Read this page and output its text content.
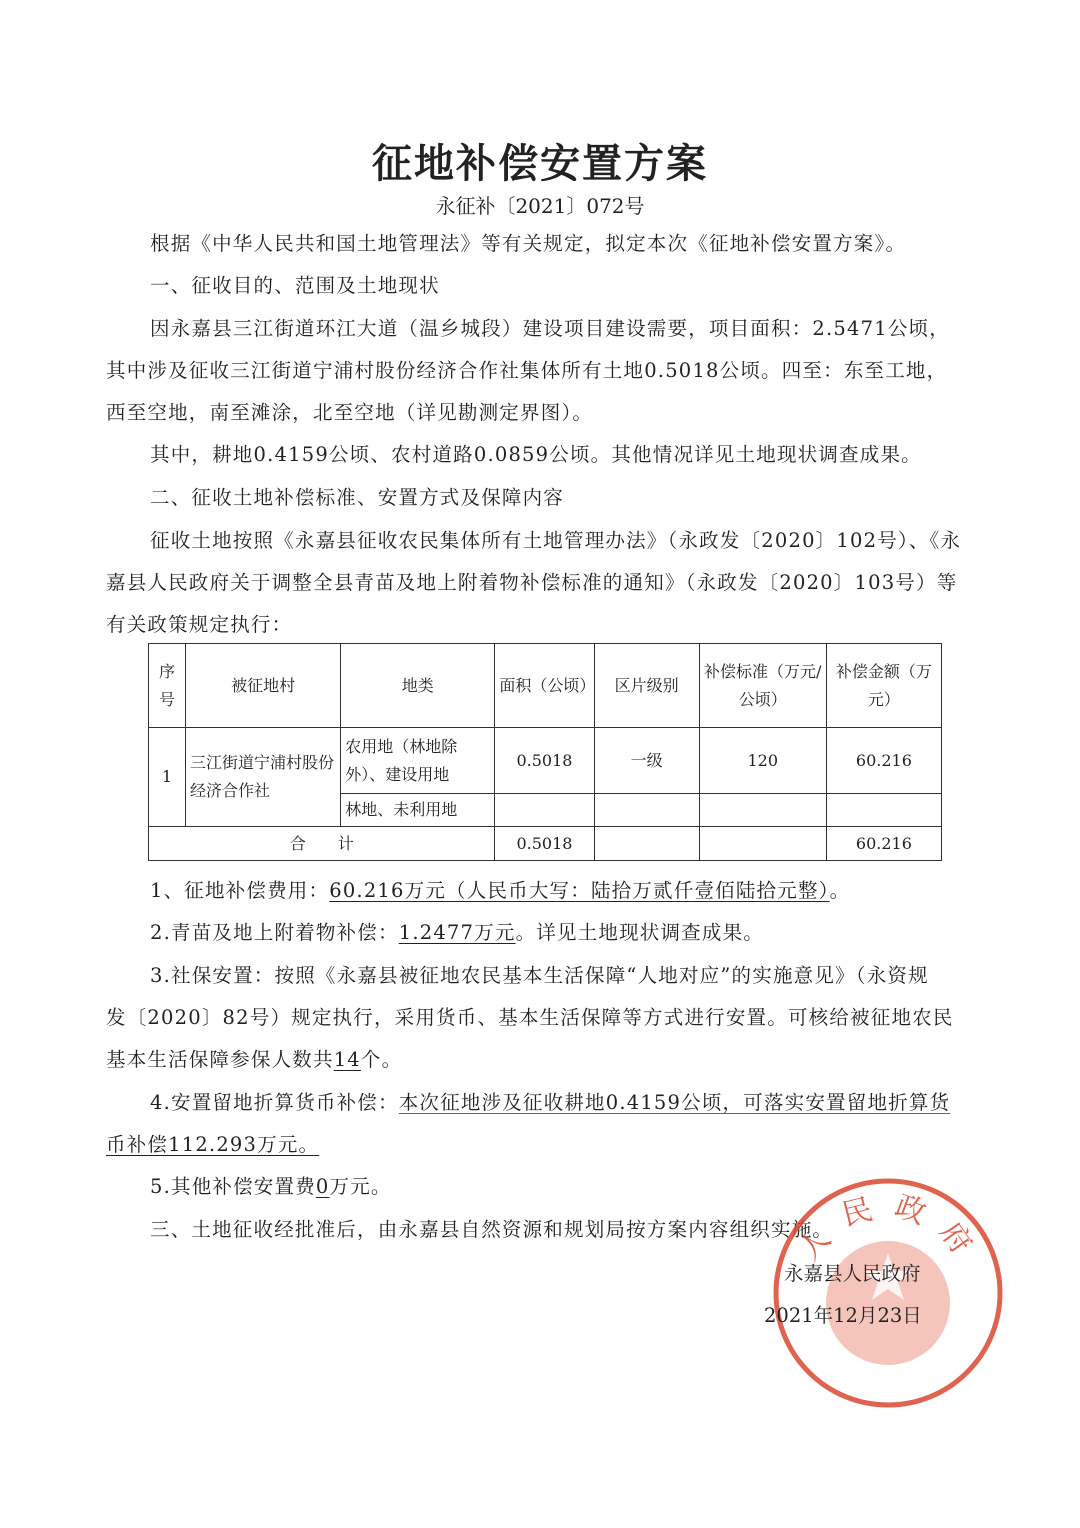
征地补偿安置方案
永征补〔2021〕072号
根据《中华人民共和国土地管理法》等有关规定，拟定本次《征地补偿安置方案》。
一、征收目的、范围及土地现状
因永嘉县三江街道环江大道（温乡城段）建设项目建设需要，项目面积：2.5471公顷，
其中涉及征收三江街道宁浦村股份经济合作社集体所有土地0.5018公顷。四至：东至工地，
西至空地，南至滩涂，北至空地（详见勘测定界图）。
其中，耕地0.4159公顷、农村道路0.0859公顷。其他情况详见土地现状调查成果。
二、征收土地补偿标准、安置方式及保障内容
征收土地按照《永嘉县征收农民集体所有土地管理办法》（永政发〔2020〕102号）、《永
嘉县人民政府关于调整全县青苗及地上附着物补偿标准的通知》（永政发〔2020〕103号）等
有关政策规定执行：
序号	被征地村	地类	面积（公顷）	区片级别	补偿标准（万元/公顷）	补偿金额（万元）
1	三江街道宁浦村股份经济合作社	农用地（林地除外）、建设用地	0.5018	一级	120	60.216
		林地、未利用地				
合　　计			0.5018			60.216
1、征地补偿费用：60.216万元（人民币大写：陆拾万贰仟壹佰陆拾元整）。
2.青苗及地上附着物补偿：1.2477万元。详见土地现状调查成果。
3.社保安置：按照《永嘉县被征地农民基本生活保障“人地对应”的实施意见》（永资规
发〔2020〕82号）规定执行，采用货币、基本生活保障等方式进行安置。可核给被征地农民
基本生活保障参保人数共14个。
4.安置留地折算货币补偿：本次征地涉及征收耕地0.4159公顷，可落实安置留地折算货
币补偿112.293万元。
5.其他补偿安置费0万元。
三、土地征收经批准后，由永嘉县自然资源和规划局按方案内容组织实施。
人民政府
永嘉县人民政府
2021年12月23日
